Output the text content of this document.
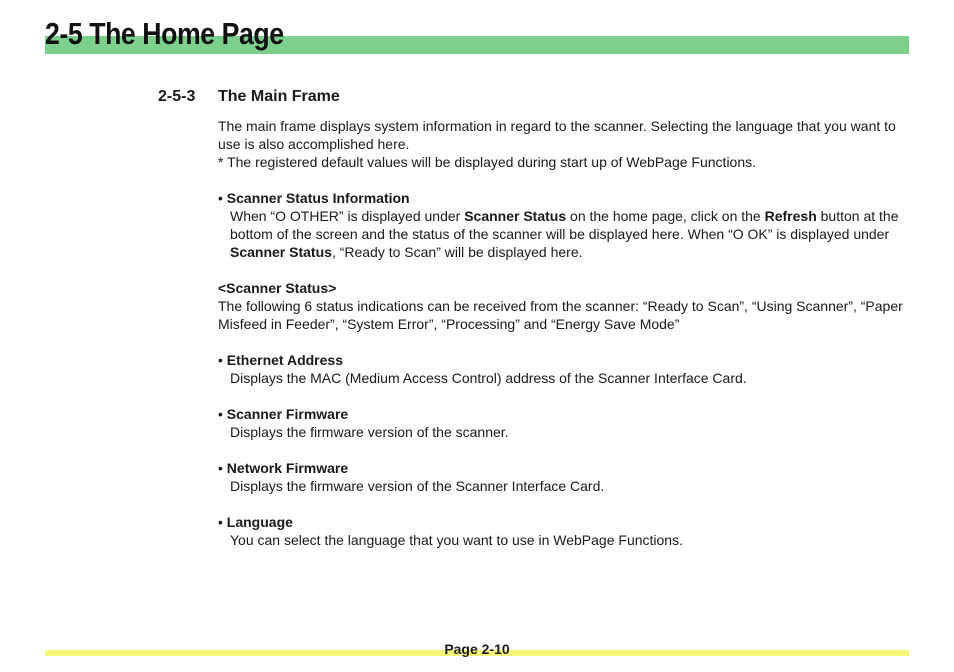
2-5 The Home Page
2-5-3 The Main Frame

The main frame displays system information in regard to the scanner. Selecting the language that you want to use is also accomplished here.

* The registered default values will be displayed during start up of WebPage Functions.

• Scanner Status Information

When “O OTHER” is displayed under Scanner Status on the home page, click on the Refresh button at the bottom of the screen and the status of the scanner will be displayed here. When “O OK” is displayed under Scanner Status, “Ready to Scan” will be displayed here.

<Scanner Status>

The following 6 status indications can be received from the scanner: “Ready to Scan”, “Using Scanner”, “Paper Misfeed in Feeder”, “System Error”, “Processing” and “Energy Save Mode”

• Ethernet Address

Displays the MAC (Medium Access Control) address of the Scanner Interface Card.

• Scanner Firmware

Displays the firmware version of the scanner.

• Network Firmware

Displays the firmware version of the Scanner Interface Card.

• Language

You can select the language that you want to use in WebPage Functions.

Page 2-10
